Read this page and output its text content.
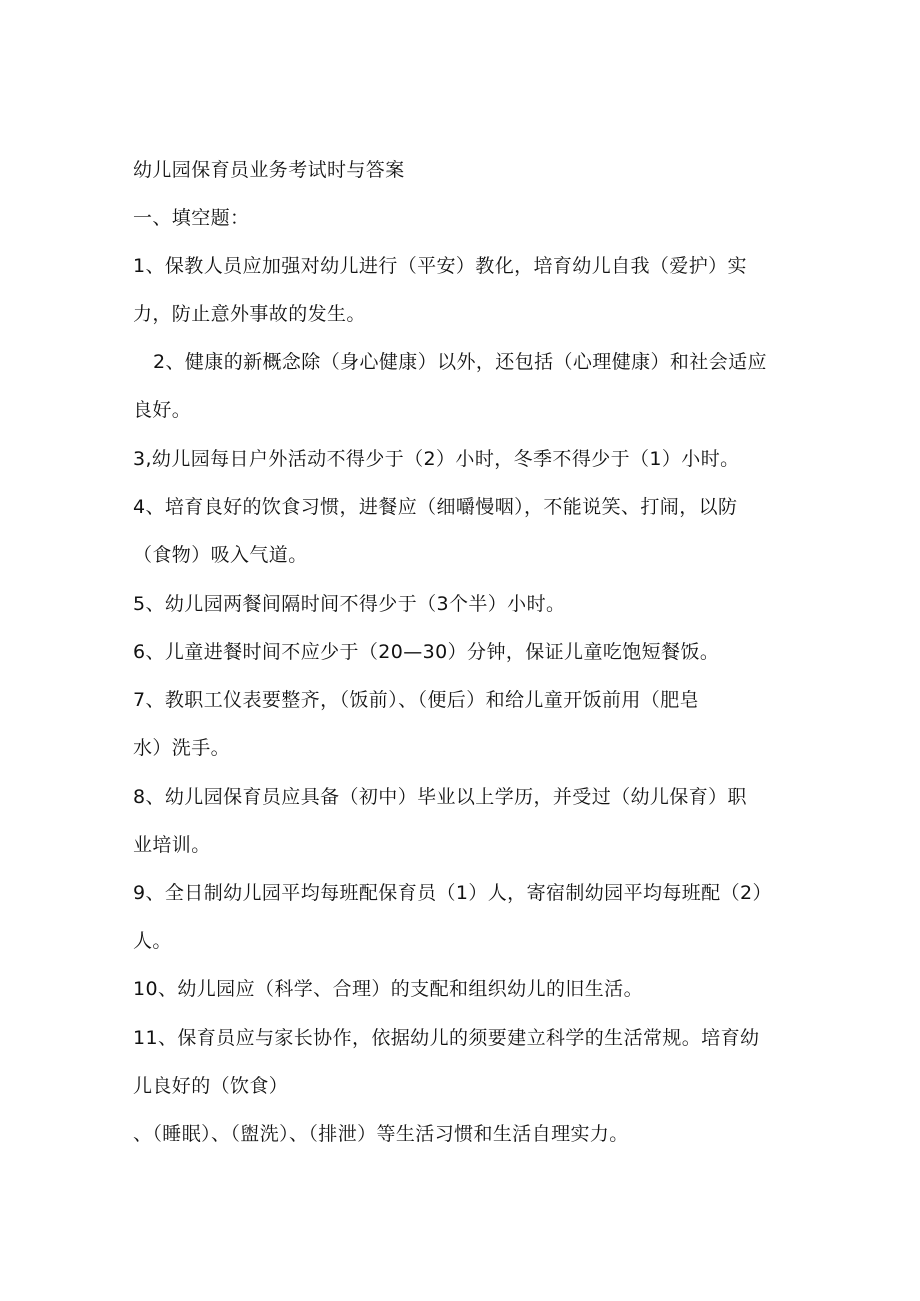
幼儿园保育员业务考试时与答案
一、填空题：
1、保教人员应加强对幼儿进行（平安）教化，培育幼儿自我（爱护）实
力，防止意外事故的发生。
2、健康的新概念除（身心健康）以外，还包括（心理健康）和社会适应
良好。
3,幼儿园每日户外活动不得少于（2）小时，冬季不得少于（1）小时。
4、培育良好的饮食习惯，进餐应（细嚼慢咽），不能说笑、打闹，以防
（食物）吸入气道。
5、幼儿园两餐间隔时间不得少于（3个半）小时。
6、儿童进餐时间不应少于（20—30）分钟，保证儿童吃饱短餐饭。
7、教职工仪表要整齐，（饭前）、（便后）和给儿童开饭前用（肥皂
水）洗手。
8、幼儿园保育员应具备（初中）毕业以上学历，并受过（幼儿保育）职
业培训。
9、全日制幼儿园平均每班配保育员（1）人，寄宿制幼园平均每班配（2）
人。
10、幼儿园应（科学、合理）的支配和组织幼儿的旧生活。
11、保育员应与家长协作，依据幼儿的须要建立科学的生活常规。培育幼
儿良好的（饮食）
、（睡眠）、（盥洗）、（排泄）等生活习惯和生活自理实力。
